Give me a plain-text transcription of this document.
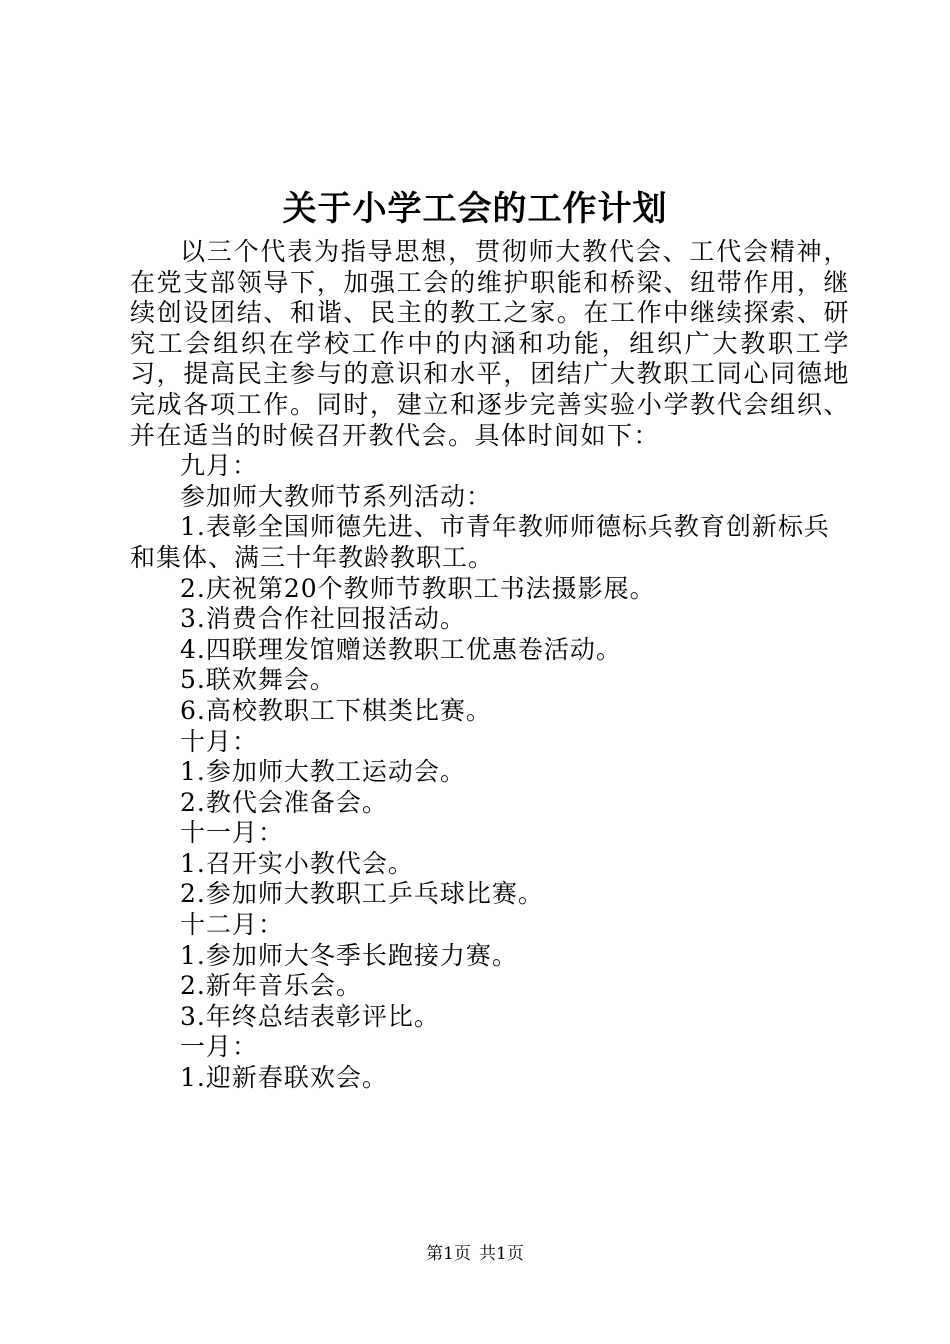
关于小学工会的工作计划

以三个代表为指导思想，贯彻师大教代会、工代会精神，在党支部领导下，加强工会的维护职能和桥梁、纽带作用，继续创设团结、和谐、民主的教工之家。在工作中继续探索、研究工会组织在学校工作中的内涵和功能，组织广大教职工学习，提高民主参与的意识和水平，团结广大教职工同心同德地完成各项工作。同时，建立和逐步完善实验小学教代会组织、并在适当的时候召开教代会。具体时间如下：

九月：

参加师大教师节系列活动：

1.表彰全国师德先进、市青年教师师德标兵教育创新标兵和集体、满三十年教龄教职工。

2.庆祝第20个教师节教职工书法摄影展。

3.消费合作社回报活动。

4.四联理发馆赠送教职工优惠卷活动。

5.联欢舞会。

6.高校教职工下棋类比赛。

十月：

1.参加师大教工运动会。

2.教代会准备会。

十一月：

1.召开实小教代会。

2.参加师大教职工乒乓球比赛。

十二月：

1.参加师大冬季长跑接力赛。

2.新年音乐会。

3.年终总结表彰评比。

一月：

1.迎新春联欢会。

第1页 共1页
